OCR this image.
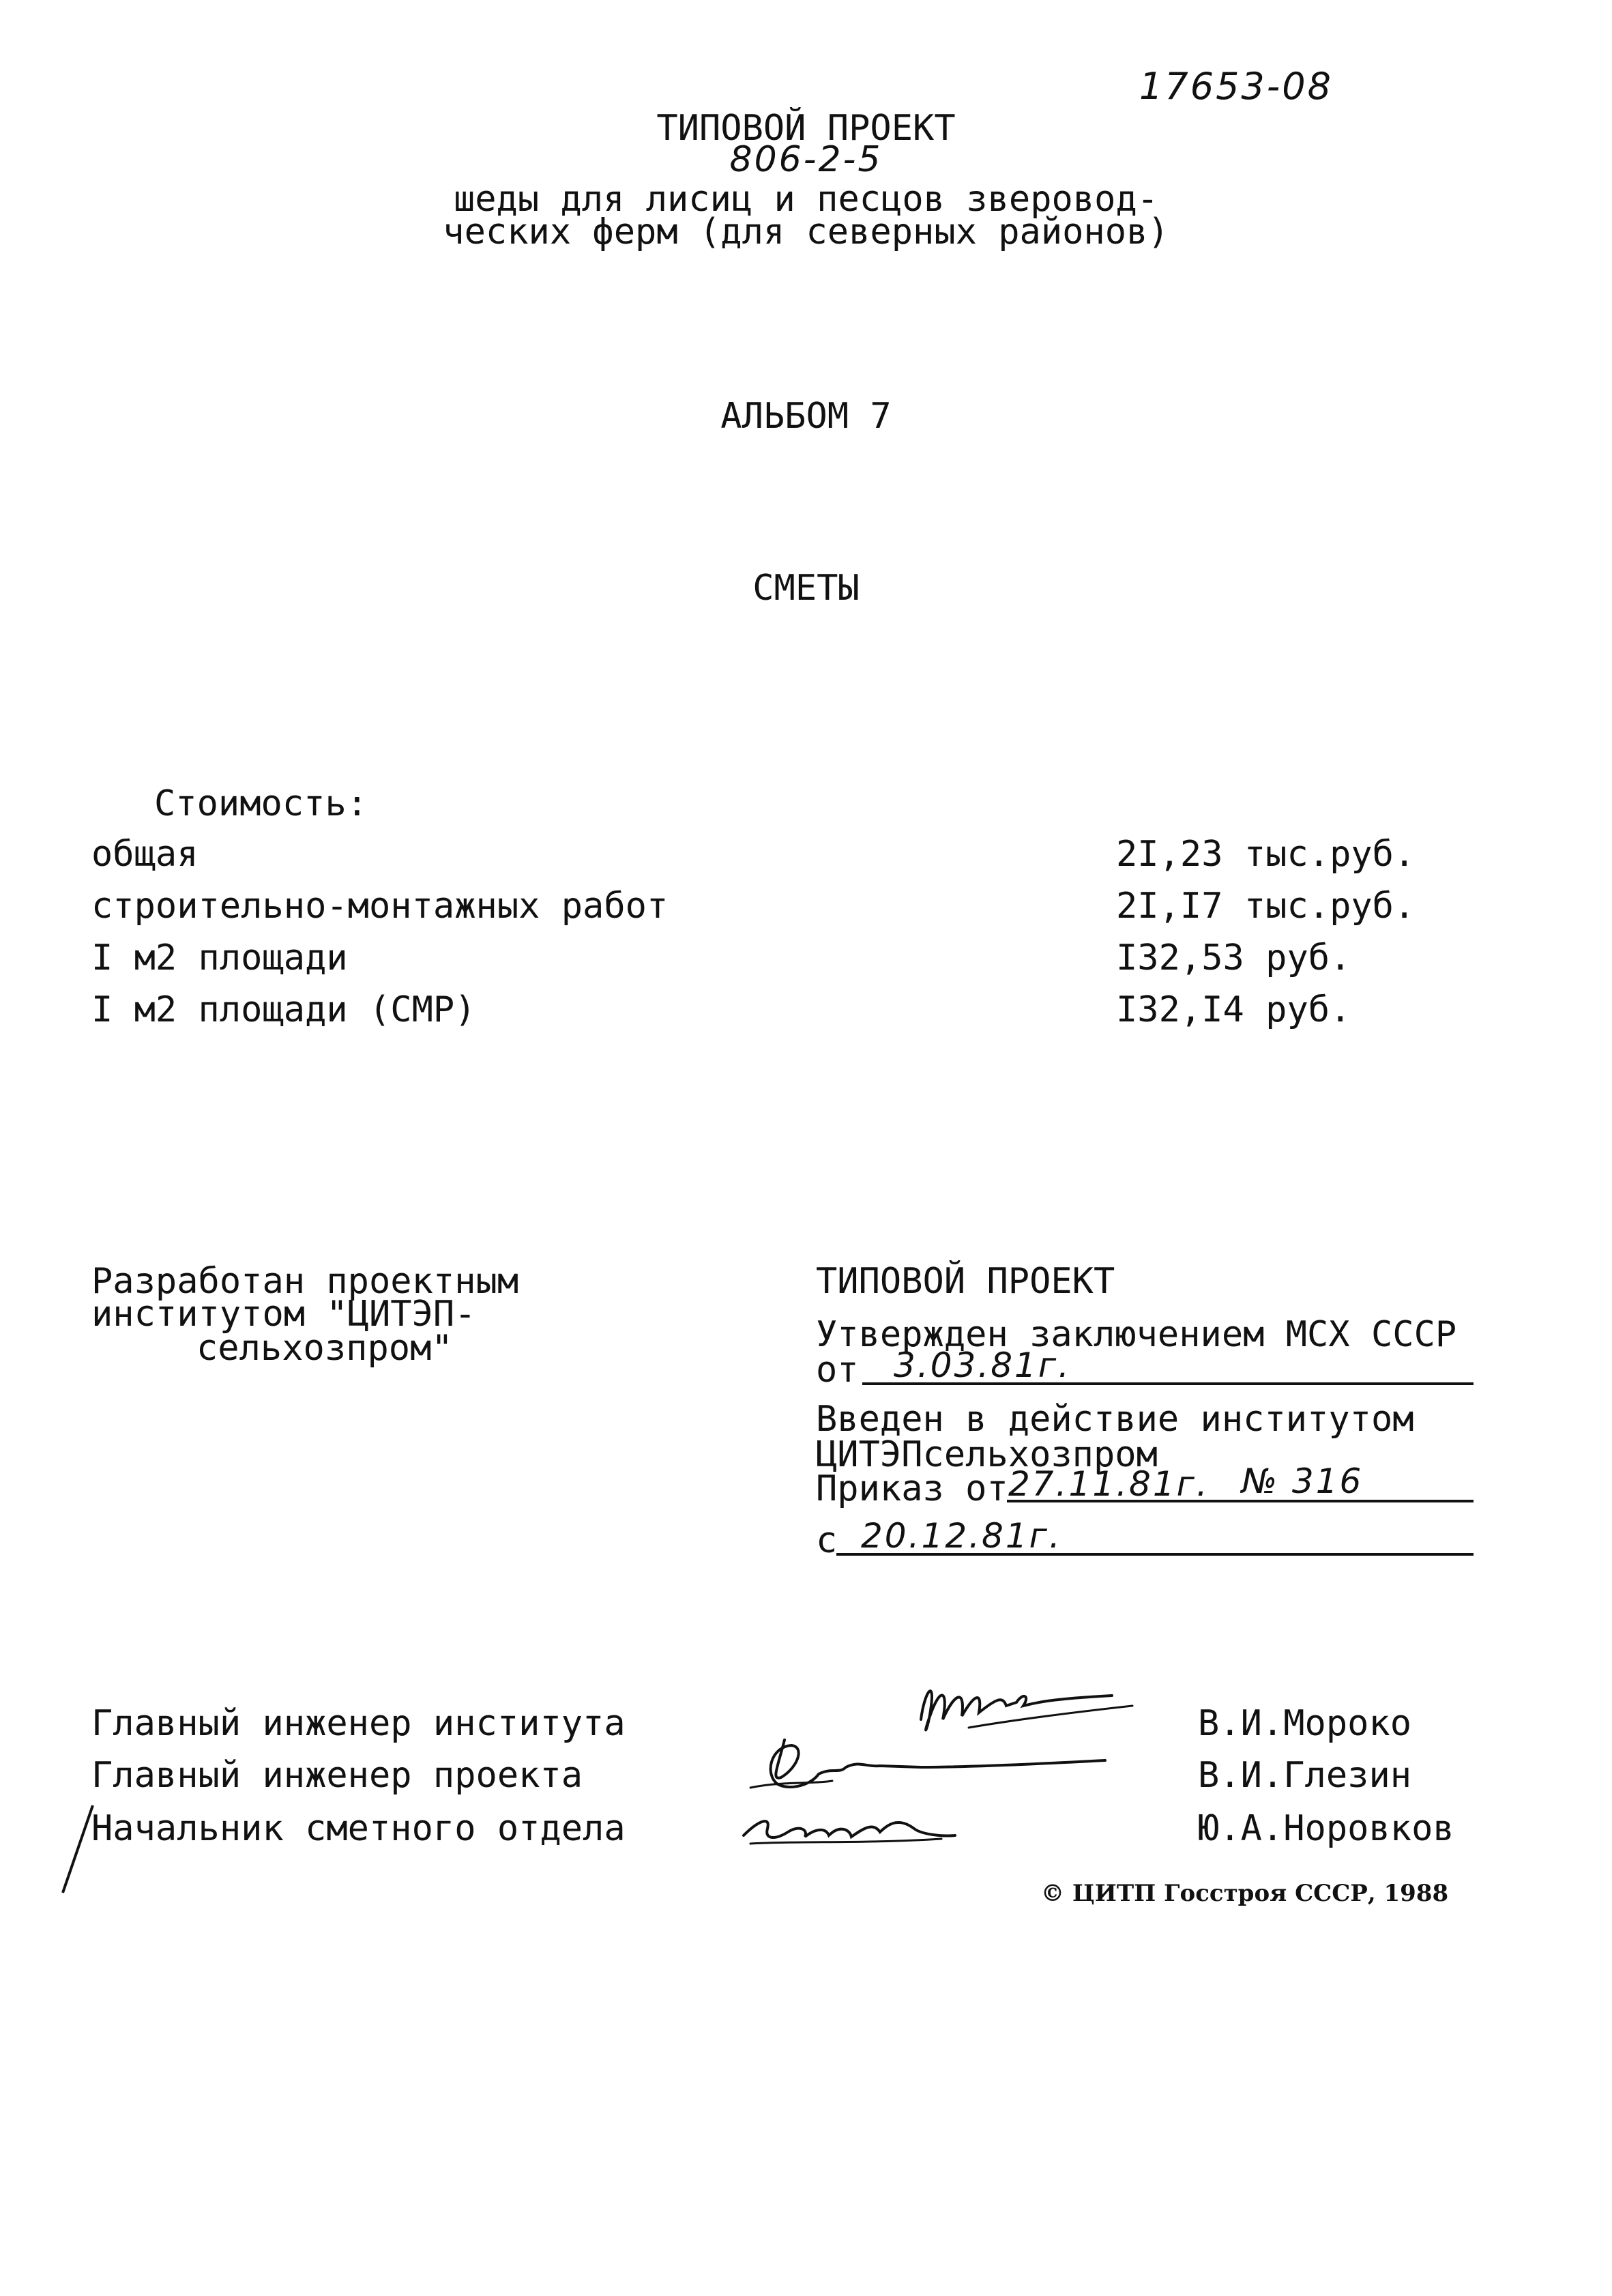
17653-08
ТИПОВОЙ ПРОЕКТ
806-2-5
шеды для лисиц и песцов зверовод-
ческих ферм (для северных районов)
АЛЬБОМ 7
СМЕТЫ
Стоимость:
общая	2I,23 тыс.руб.
строительно-монтажных работ	2I,I7 тыс.руб.
I м2 площади	I32,53 руб.
I м2 площади (СМР)	I32,I4 руб.
Разработан проектным
институтом "ЦИТЭП-
сельхозпром"
ТИПОВОЙ ПРОЕКТ
Утвержден заключением МСХ СССР
от 3.03.81г.
Введен в действие институтом
ЦИТЭПсельхозпром
Приказ от 27.11.81г. № 316
с 20.12.81г.
Главный инженер института	В.И.Мороко
Главный инженер проекта	В.И.Глезин
Начальник сметного отдела	Ю.А.Норовков
© ЦИТП Госстроя СССР, 1988
